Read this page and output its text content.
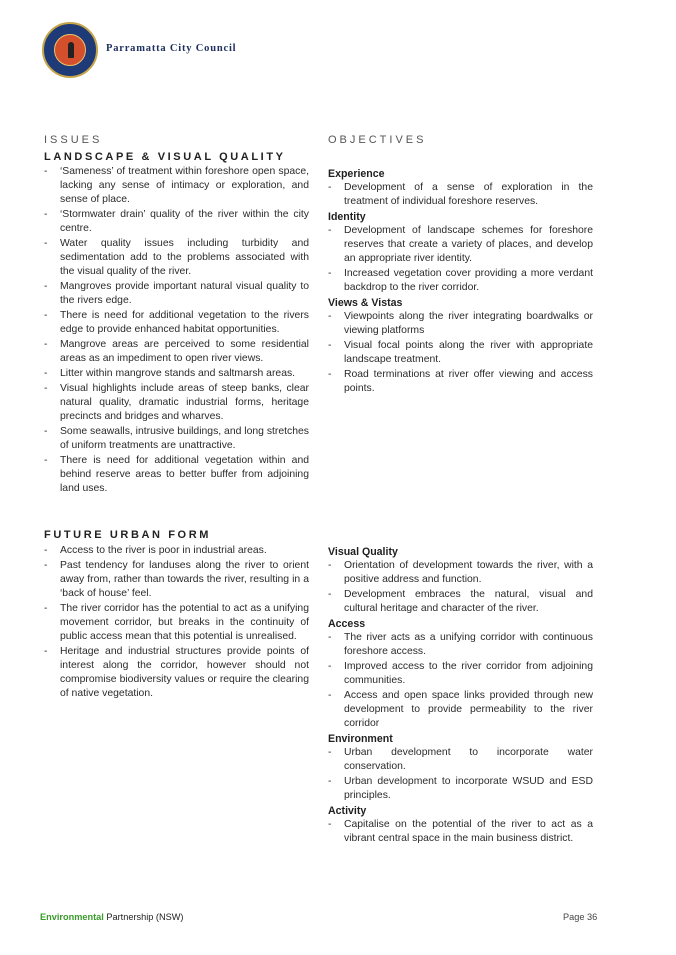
Parramatta City Council

ISSUES

LANDSCAPE & VISUAL QUALITY

- ‘Sameness’ of treatment within foreshore open space, lacking any sense of intimacy or exploration, and sense of place.
- ‘Stormwater drain’ quality of the river within the city centre.
- Water quality issues including turbidity and sedimentation add to the problems associated with the visual quality of the river.
- Mangroves provide important natural visual quality to the rivers edge.
- There is need for additional vegetation to the rivers edge to provide enhanced habitat opportunities.
- Mangrove areas are perceived to some residential areas as an impediment to open river views.
- Litter within mangrove stands and saltmarsh areas.
- Visual highlights include areas of steep banks, clear natural quality, dramatic industrial forms, heritage precincts and bridges and wharves.
- Some seawalls, intrusive buildings, and long stretches of uniform treatments are unattractive.
- There is need for additional vegetation within and behind reserve areas to better buffer from adjoining land uses.

FUTURE URBAN FORM

- Access to the river is poor in industrial areas.
- Past tendency for landuses along the river to orient away from, rather than towards the river, resulting in a ‘back of house’ feel.
- The river corridor has the potential to act as a unifying movement corridor, but breaks in the continuity of public access mean that this potential is unrealised.
- Heritage and industrial structures provide points of interest along the corridor, however should not compromise biodiversity values or require the clearing of native vegetation.

OBJECTIVES

Experience

- Development of a sense of exploration in the treatment of individual foreshore reserves.

Identity

- Development of landscape schemes for foreshore reserves that create a variety of places, and develop an appropriate river identity.
- Increased vegetation cover providing a more verdant backdrop to the river corridor.

Views & Vistas

- Viewpoints along the river integrating boardwalks or viewing platforms
- Visual focal points along the river with appropriate landscape treatment.
- Road terminations at river offer viewing and access points.

Visual Quality

- Orientation of development towards the river, with a positive address and function.
- Development embraces the natural, visual and cultural heritage and character of the river.

Access

- The river acts as a unifying corridor with continuous foreshore access.
- Improved access to the river corridor from adjoining communities.
- Access and open space links provided through new development to provide permeability to the river corridor

Environment

- Urban development to incorporate water conservation.
- Urban development to incorporate WSUD and ESD principles.

Activity

- Capitalise on the potential of the river to act as a vibrant central space in the main business district.
Environmental Partnership (NSW)	Page 36
